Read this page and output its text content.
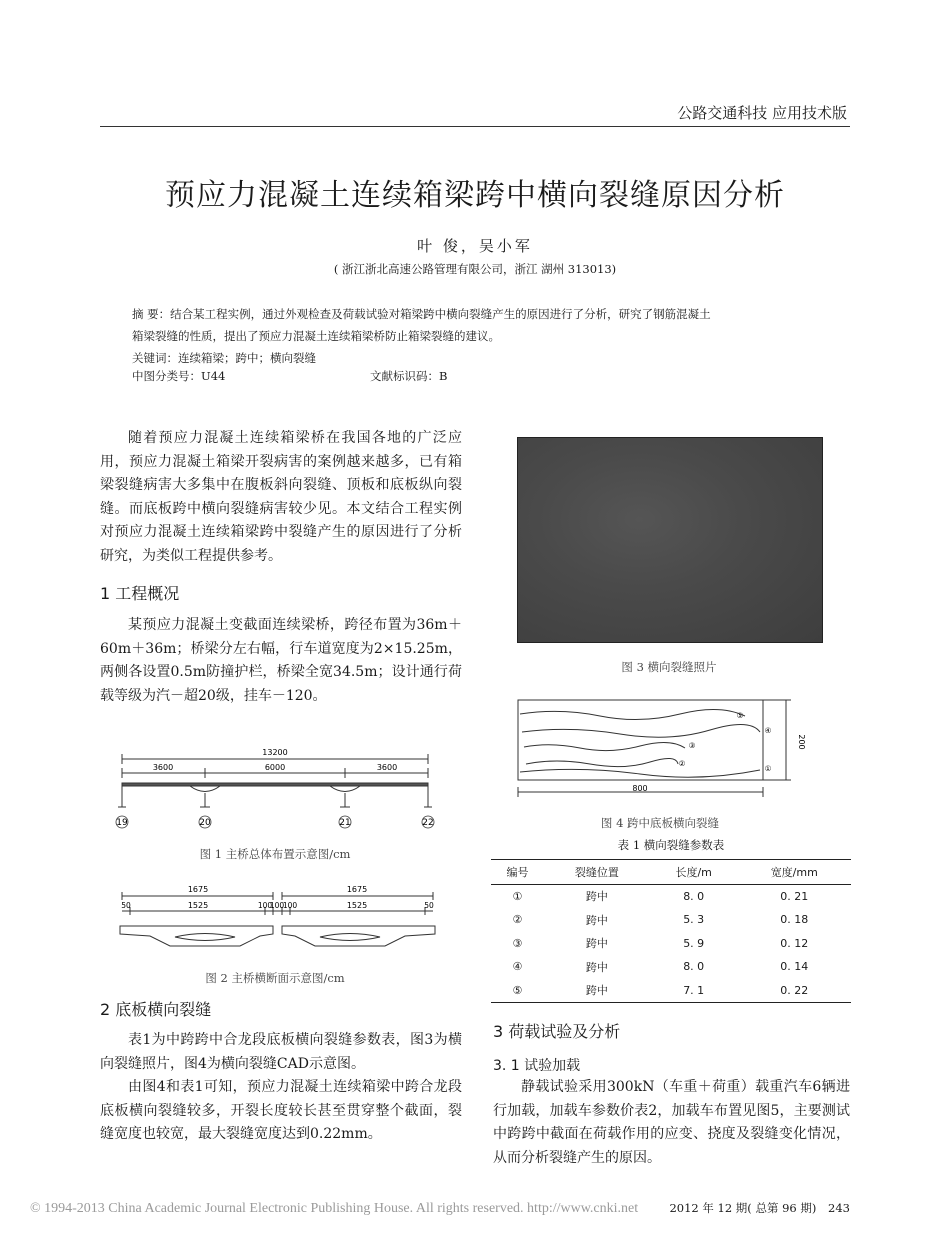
公路交通科技 应用技术版
预应力混凝土连续箱梁跨中横向裂缝原因分析
叶 俊，吴小军
( 浙江浙北高速公路管理有限公司，浙江 湖州 313013)
摘 要：结合某工程实例，通过外观检查及荷载试验对箱梁跨中横向裂缝产生的原因进行了分析，研究了钢筋混凝土
箱梁裂缝的性质，提出了预应力混凝土连续箱梁桥防止箱梁裂缝的建议。
关键词：连续箱梁；跨中；横向裂缝
中图分类号：U44	文献标识码：B

随着预应力混凝土连续箱梁桥在我国各地的广泛应用，预应力混凝土箱梁开裂病害的案例越来越多，已有箱梁裂缝病害大多集中在腹板斜向裂缝、顶板和底板纵向裂缝。而底板跨中横向裂缝病害较少见。本文结合工程实例对预应力混凝土连续箱梁跨中裂缝产生的原因进行了分析研究，为类似工程提供参考。

1 工程概况

某预应力混凝土变截面连续梁桥，跨径布置为36m＋60m＋36m；桥梁分左右幅，行车道宽度为2×15.25m，两侧各设置0.5m防撞护栏，桥梁全宽34.5m；设计通行荷载等级为汽－超20级，挂车－120。

13200
3600	6000	3600
19	20	21	22
图 1 主桥总体布置示意图/cm
1675	1675
50	1525	100
100
100	1525	50
图 2 主桥横断面示意图/cm
2 底板横向裂缝

表1为中跨跨中合龙段底板横向裂缝参数表，图3为横向裂缝照片，图4为横向裂缝CAD示意图。

由图4和表1可知，预应力混凝土连续箱梁中跨合龙段底板横向裂缝较多，开裂长度较长甚至贯穿整个截面，裂缝宽度也较宽，最大裂缝宽度达到0.22mm。

图 3 横向裂缝照片
⑤
④
③
②
①
800
200
图 4 跨中底板横向裂缝
表 1 横向裂缝参数表
编号	裂缝位置	长度/m	宽度/mm
①	跨中	8. 0	0. 21
②	跨中	5. 3	0. 18
③	跨中	5. 9	0. 12
④	跨中	8. 0	0. 14
⑤	跨中	7. 1	0. 22
3 荷载试验及分析
3. 1 试验加载

静载试验采用300kN（车重＋荷重）载重汽车6辆进行加载，加载车参数价表2，加载车布置见图5，主要测试中跨跨中截面在荷载作用的应变、挠度及裂缝变化情况，从而分析裂缝产生的原因。

© 1994-2013 China Academic Journal Electronic Publishing House. All rights reserved. http://www.cnki.net	2012 年 12 期( 总第 96 期) 243
